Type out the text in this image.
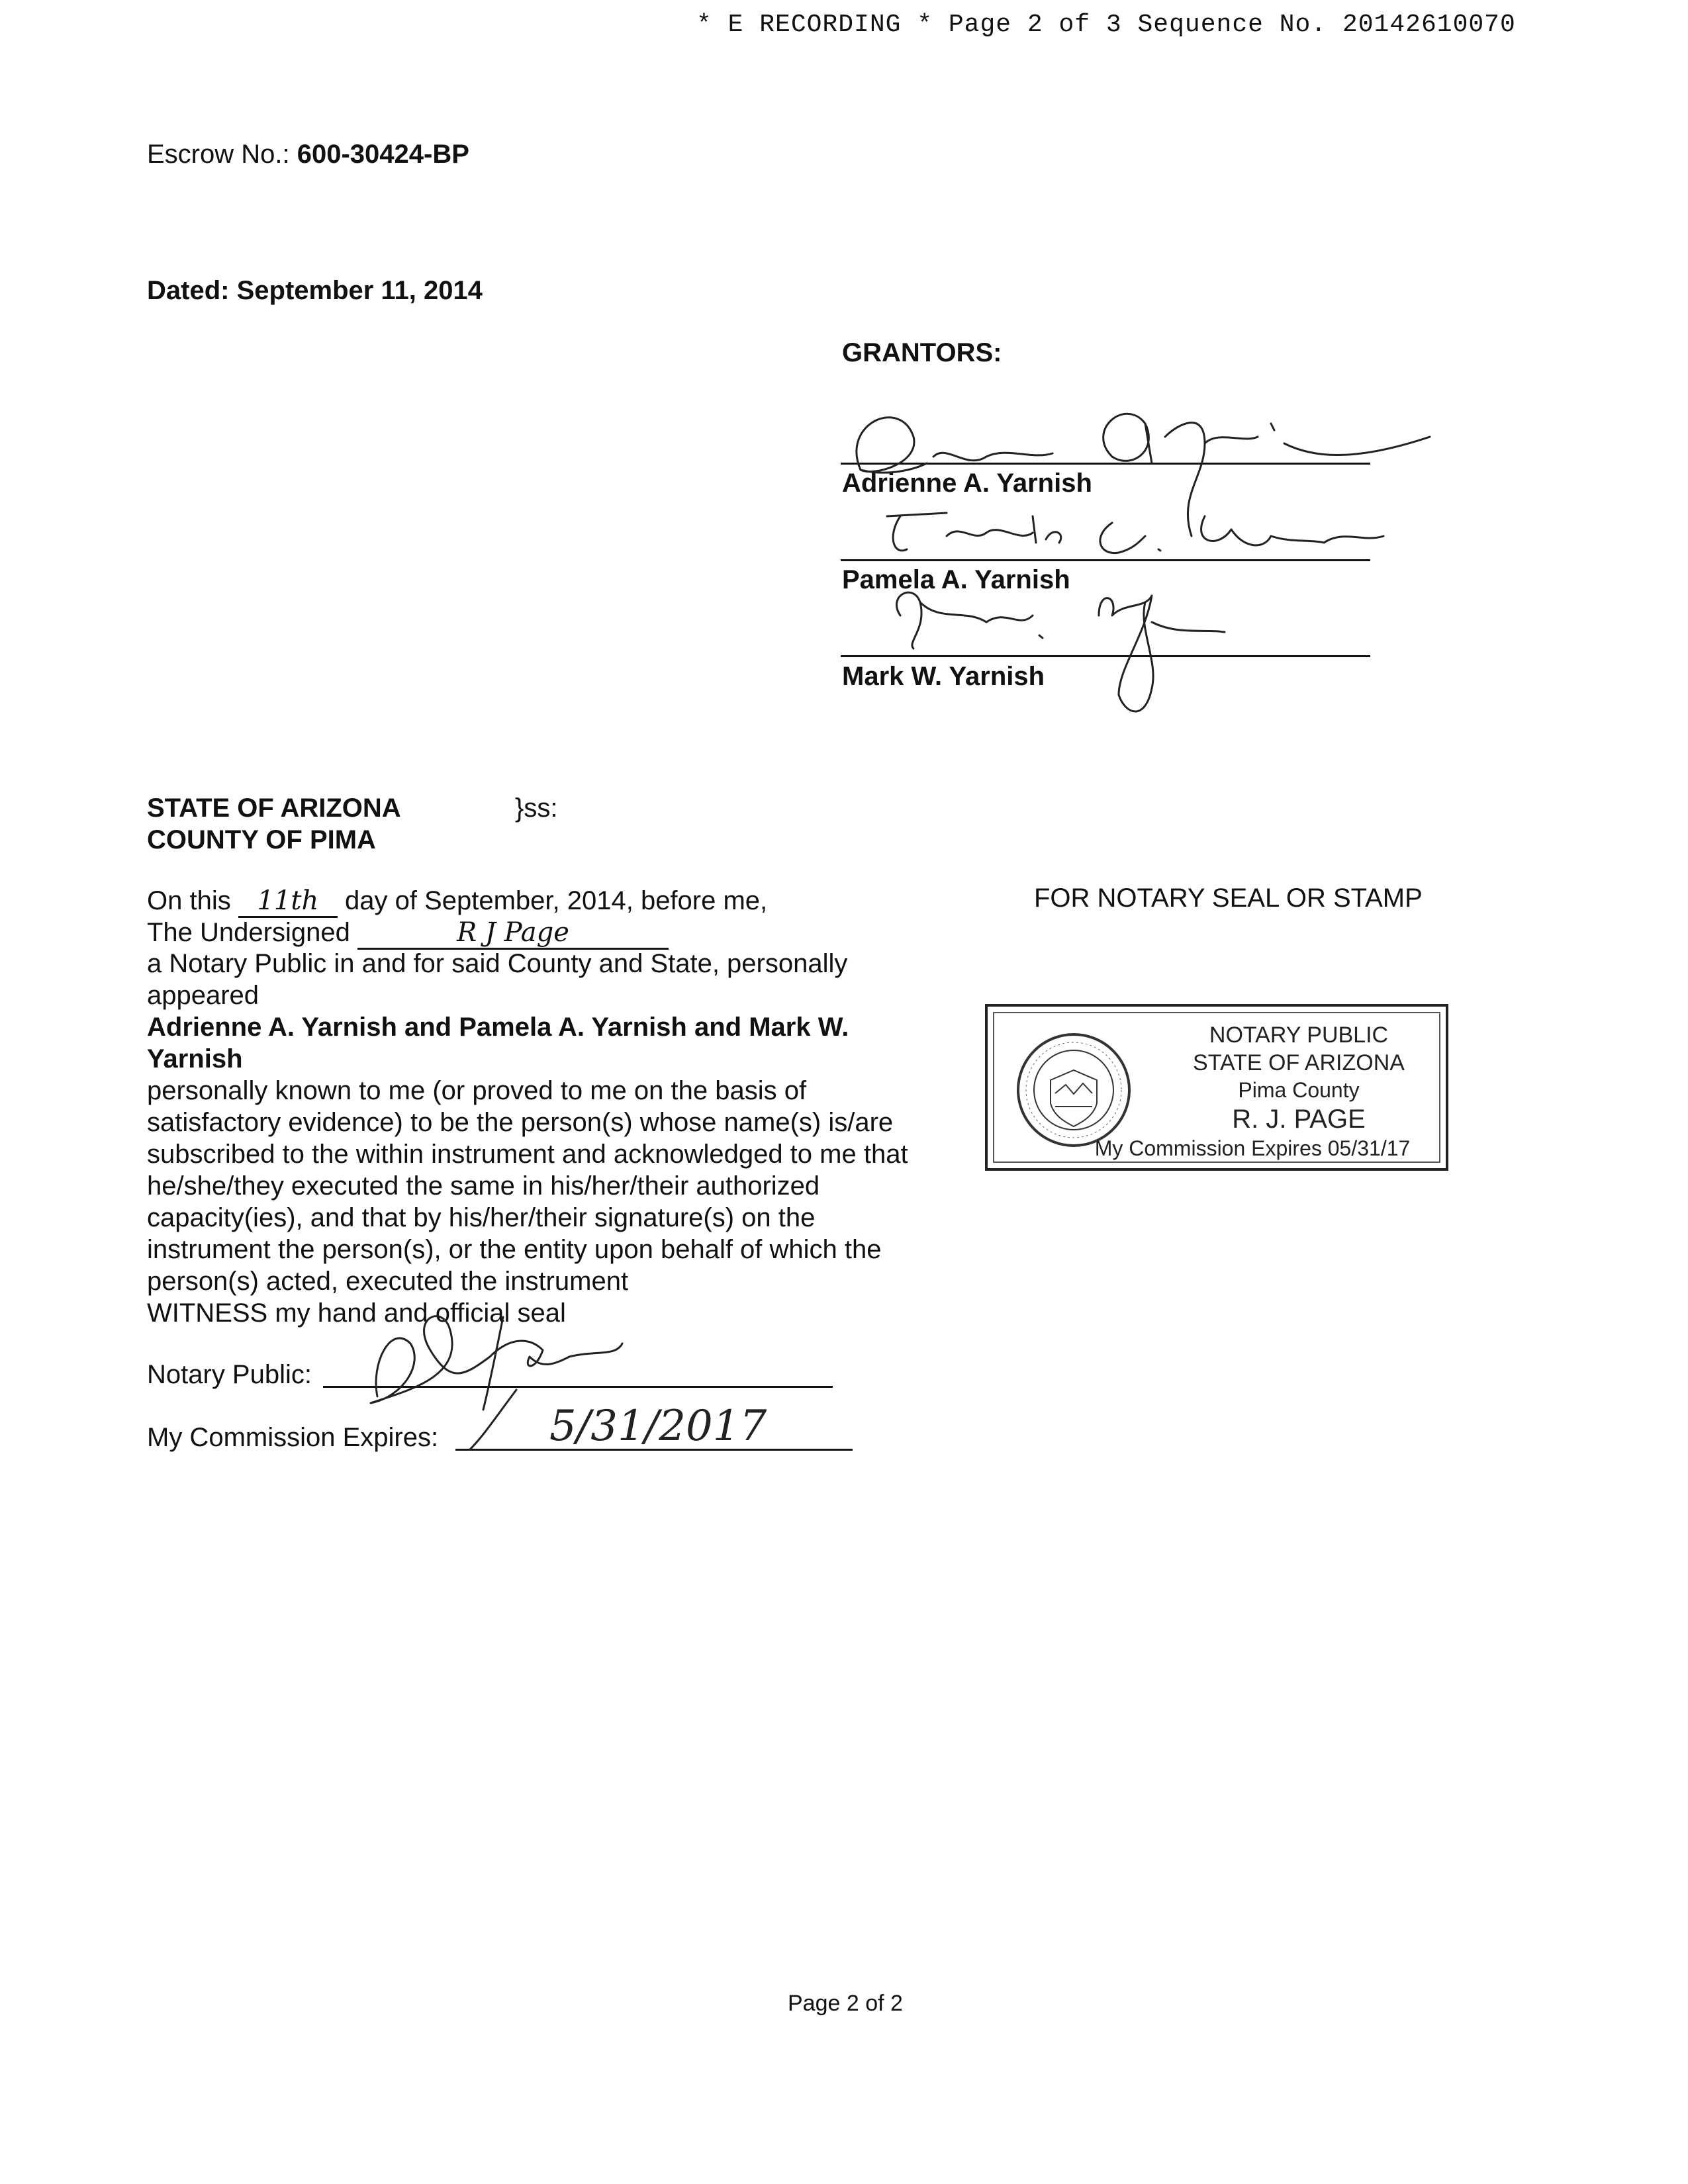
* E RECORDING * Page 2 of 3 Sequence No. 20142610070
Escrow No.: 600-30424-BP
Dated: September 11, 2014
GRANTORS:
Adrienne A. Yarnish
Pamela A. Yarnish
Mark W. Yarnish
STATE OF ARIZONA	}ss:
COUNTY OF PIMA
FOR NOTARY SEAL OR STAMP
On this 11th day of September, 2014, before me,
The Undersigned	R J Page
a Notary Public in and for said County and State, personally
appeared
Adrienne A. Yarnish and Pamela A. Yarnish and Mark W.
Yarnish
personally known to me (or proved to me on the basis of
satisfactory evidence) to be the person(s) whose name(s) is/are
subscribed to the within instrument and acknowledged to me that
he/she/they executed the same in his/her/their authorized
capacity(ies), and that by his/her/their signature(s) on the
instrument the person(s), or the entity upon behalf of which the
person(s) acted, executed the instrument
WITNESS my hand and official seal
Notary Public:
My Commission Expires:	5/31/2017
NOTARY PUBLIC
STATE OF ARIZONA
Pima County
R. J. PAGE
My Commission Expires 05/31/17
Page 2 of 2
